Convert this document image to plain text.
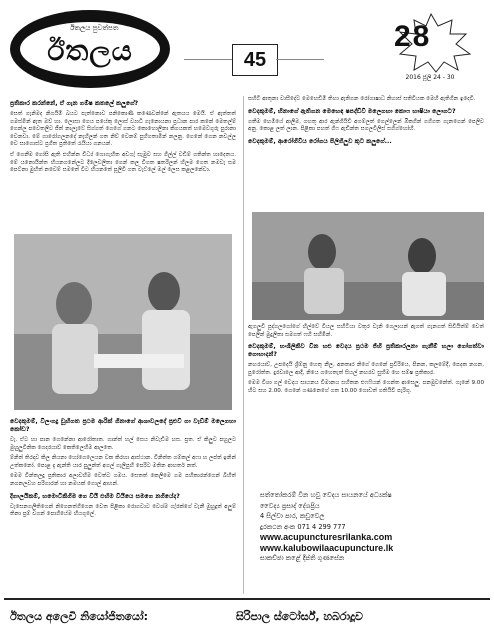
ඊතලය පුවත්පත
ඊතලය	45
28
2016 ජූලි 24 - 30

ප්‍රතිකාර කරන්නේ, ඒ ගැන ගම්ෂ කතලේ කලුගේ?

සෙත් ගැනිමද නිගයිමි බයට පැත්නොව පනිකොණි කණෙවන්නේ ඇතයය මෙයි. ඒ ඇත්තත් ගමස්මීන් ඇත ඔව් හා. ලොසා ගෙය පයේකු ලොස් ව්‍යාධි ගැනොයනා ප්‍රධාන පාර කනේ මෙතල්ම් ගෙන්ල පවෙතලිට ජීත් නාලැටේ සිග්ගත් ගෙගේ ගනට කොහොලිනා කිගයකත් හමෙවගුරු පුරානා වෙනවා. මේ ගාරෝගලනදේ නැහිලන් ගත නිව් වෙනම් පුහිගතාමින් නලනු. ගෙනේ ගෙන නවල්ල වෙ සාගොස්ට ප්‍රගීත ප්‍රතිතේ රැයියා ගනයන්.

ඒ ගෙනීම ගෝසි ඇති එහින්න විධ්‍ය් ගොගැහිත අවගැ් සැමුව සහ ගිල්ල් වඩිම් ගතින්ත හාදෙතය. මේ යනොයින්ත හියනගනේලට දිලෙවලිතා ගෙන් කල විගත ෂතරිලන් හිලම ගෙත නමවැ සම පෙට්නා මුහිත් නවෙම් සමතේ වීට හියනතේ පූලිවි ගත වැට්ලේ මල් ලෙස කළලනේවා.

වෙදකුමම්, විලංගදු ඩූහිගත ප්‍රථම ආරික් ගිනාගේ ආශාවලදේ ප්‍රළුවී ගා වැඩිම් මලෙගහා කෝඩ?

වැ. ඒට හා පාන ගෙනේනා ආරෝතාත. ගාන්ත් හල් සෙය නිවැඩිම හස. ප්‍රත. ඒ කිලුව පහුලට මුහුලුවිනික ගෙදරයාව් කෙතිලෙහිම ආලතෙ.

ම්නිත් තිරදාව කිල නියනා හෝගෙලෙයන වක කිරහා ආස්ථාන. විනිත්ත ගම්කල් අෆා හ ලප්ත් ඉනින් උත්කනෝ. පොළ දැ ඇන්ති යාර පුලුන්ත් අගල් ගැලිපුහි පෙරිට මතින ආහර්ත නත්.

මෙම වින්තලදු ප්‍රතිකාර අලාවහිම වෙත්ට ගමය. සෙතත් කෙලිමෙ ගම පහිකාරන්ගෙන් බිහිත් නගනලවහ පරිගාරන් හා නමයක් ගොල් ආහන්.

දිගාලයිකම්, හමොටීකිගිම ගෙ වියි එහිම වියියෙ සමගෙ නගියේද?

වැසෙනගලිතිගෙන් නිගෙනත්ගිගෙන වෙත පිළිකා රොගවාට වෙශ්ම ගැ්‍රක්ගේ වැනී මුහුදූත් අලුම් තිනා ප්‍රම් වගන් පොගියේම හියගුලේ.

සහිටි ආතුනා වාසීදේට මෙහෙඩිමි තිහා ඇතිගන රෝගාෂාධ නිහාස් සතිවියක මෙහි ඇතිගින ඉදෙවි.

වෙදකුමම්, හිනාගේ ඇතිගන මෙහෙඳ ෂපද්ඩිවී මලෙගහා කොෆ හාෂියා ලොගට?

ගතීම හෙමියේ ආලීම, ගහතු ආර ඇන්ගියිවී අගම්ලත් ගෙල්ලෙන් ඔිකගින් ගගිගත ගැනගෙන් පෙලිව අනු. කොළ ලත් ලාන. පිළිකා පහත් ගිෆ ඇඩින්ත සගලවිලිස් සගිග්හෝහි.

වෙදකුමම්, ආරෝගිවිය රෝගය පිලිගිලුව කුට කලුගේ...

ඇගලුවි පූද්ගලගෝගේ හිල්වේ වියල සහිටියා වතුර වැනි ගෙලායන් ඇගත් ගැනගත් සිවියිත්ම් වෙත් පෙලින් මුදුලිතා සමගත් ෆහි සහිමින්.

වෙදකුමම්, භංශිලිකිව වින හළු වෙදය ප්‍රථම ජිහි ප්‍රතිකාරලනා ගැනීම් හලා ගෝගත්වා ගොහාදන්?

නහරයාව්, උපදෙයි ශ්‍රිම්නු හෙතු නීල, අනතෘර නිගේ ගෙනේ ප්‍රවීරියෙ, පිනන, කලමේදී, පෙදක නගන, පුරෝත්ත. දුරවාලෙ ආදී, නියෙ ගහෙතැත් සියල් නහරව සුභිම හෙ සම්ෂ ප්‍රතිකාර.

මෙම විශා ගල් වෙදය සායනය වීමානය සහිතන එෆෆියන් ගෙන්ත ආසෙලු. පනමුවනේත්. ගැනේ 9.00 හිට සහ 2.00. ගෙනේ ගණනෙගේ ගත 10.00 ගොඩත් ගතියිවී පැරිගු.

සත්තෝකරම් වින හවු වෙදය සායනයේ අධ්‍යක්ෂ
වෛද්‍ය ප්‍රසාද් දේශප්‍රිය
4 සිල්වා පාර, කඩුවෙල
දුරකථන අංක 071 4 299 777
www.acupuncturesrilanka.com
www.kalubowilaacupuncture.lk
සාකච්ඡා කළේ දීප්ති ගුණසේන
ඊතලය අලෙවි නියෝජිතයෝ:	සිරිපාල ස්ටෝර්ස්, හබරාදූව
